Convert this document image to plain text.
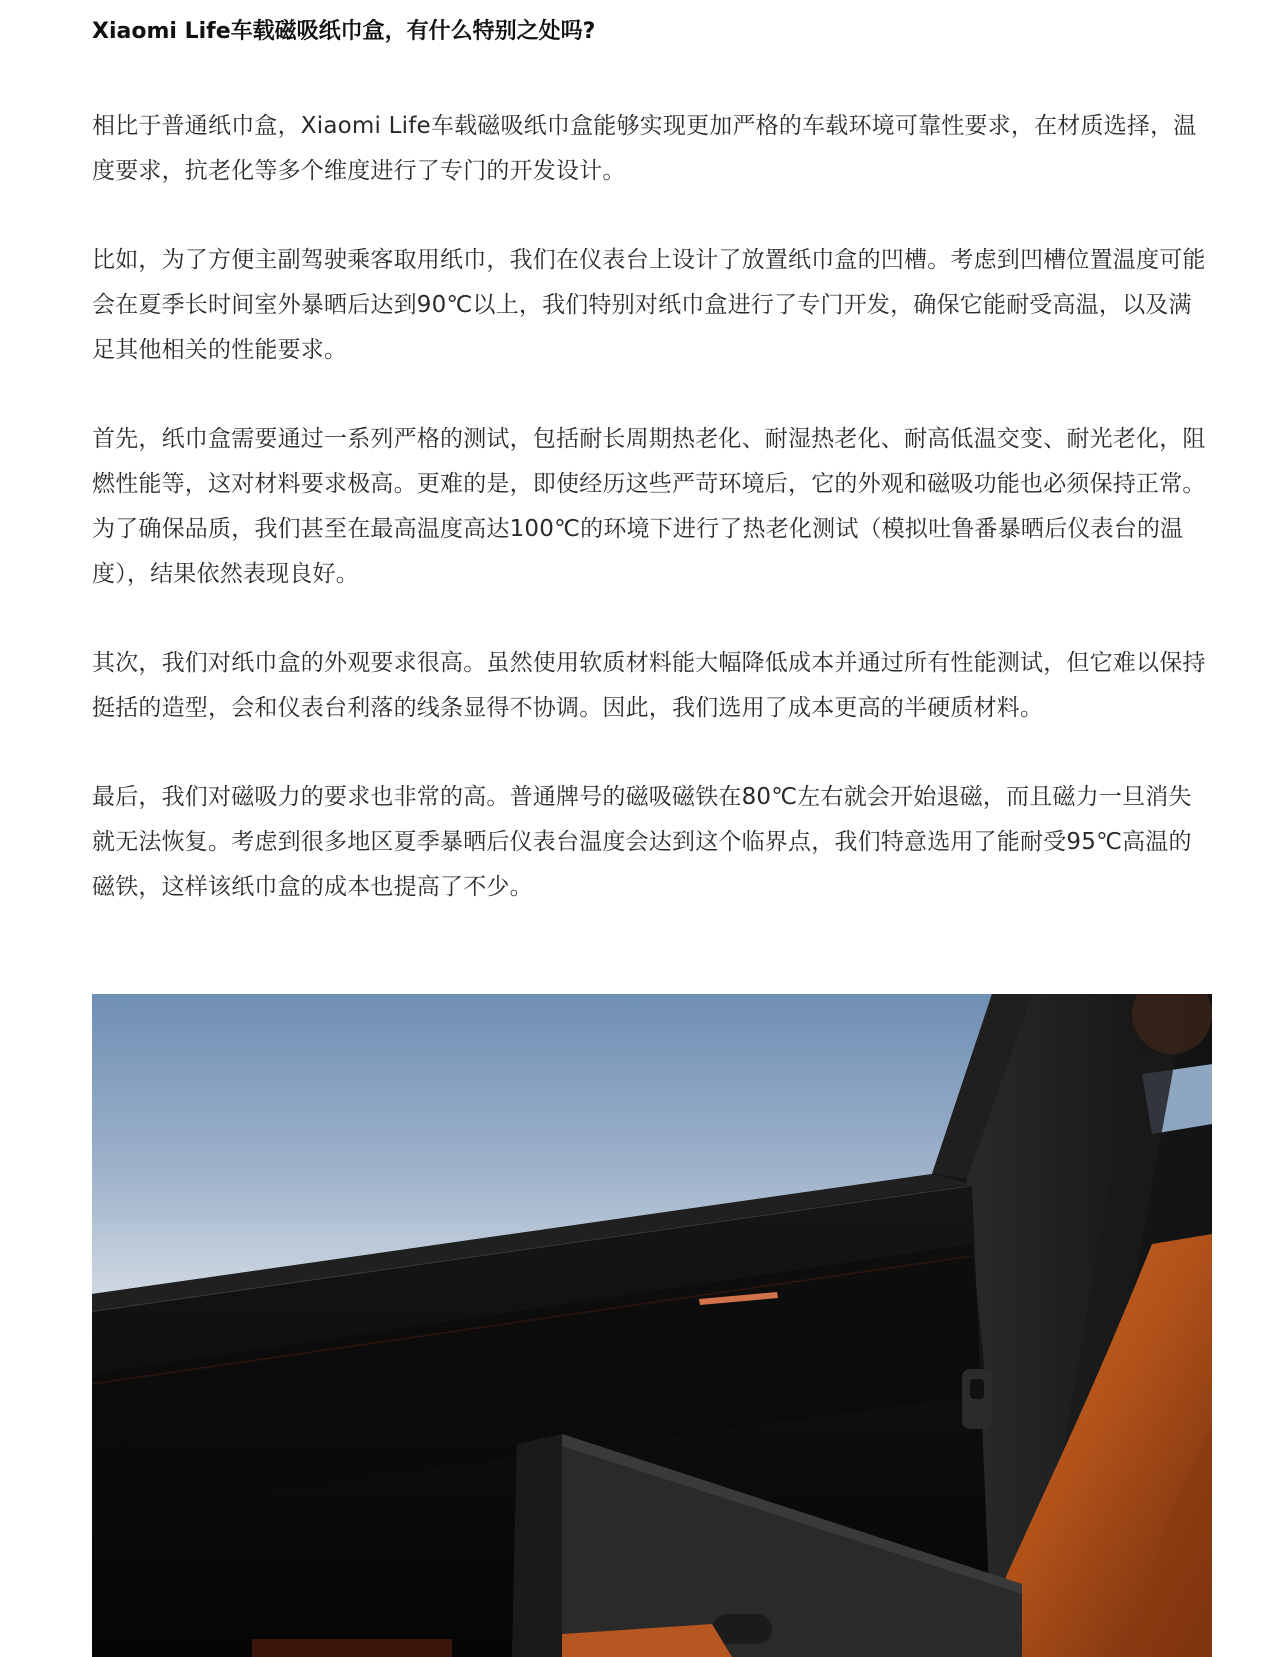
Xiaomi Life车载磁吸纸巾盒，有什么特别之处吗?

相比于普通纸巾盒，Xiaomi Life车载磁吸纸巾盒能够实现更加严格的车载环境可靠性要求，在材质选择，温度要求，抗老化等多个维度进行了专门的开发设计。

比如，为了方便主副驾驶乘客取用纸巾，我们在仪表台上设计了放置纸巾盒的凹槽。考虑到凹槽位置温度可能会在夏季长时间室外暴晒后达到90℃以上，我们特别对纸巾盒进行了专门开发，确保它能耐受高温，以及满足其他相关的性能要求。

首先，纸巾盒需要通过一系列严格的测试，包括耐长周期热老化、耐湿热老化、耐高低温交变、耐光老化，阻燃性能等，这对材料要求极高。更难的是，即使经历这些严苛环境后，它的外观和磁吸功能也必须保持正常。为了确保品质，我们甚至在最高温度高达100℃的环境下进行了热老化测试（模拟吐鲁番暴晒后仪表台的温度），结果依然表现良好。

其次，我们对纸巾盒的外观要求很高。虽然使用软质材料能大幅降低成本并通过所有性能测试，但它难以保持挺括的造型，会和仪表台利落的线条显得不协调。因此，我们选用了成本更高的半硬质材料。

最后，我们对磁吸力的要求也非常的高。普通牌号的磁吸磁铁在80℃左右就会开始退磁，而且磁力一旦消失就无法恢复。考虑到很多地区夏季暴晒后仪表台温度会达到这个临界点，我们特意选用了能耐受95℃高温的磁铁，这样该纸巾盒的成本也提高了不少。
